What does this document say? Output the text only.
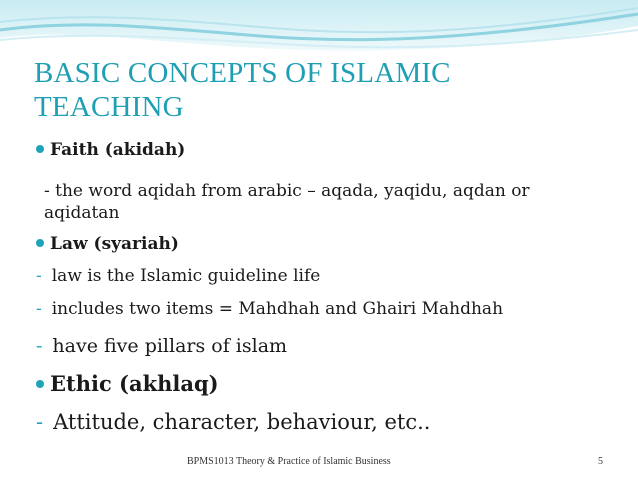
BASIC CONCEPTS OF ISLAMIC
TEACHING
Faith (akidah)
- the word aqidah from arabic – aqada, yaqidu, aqdan or
aqidatan
Law (syariah)
- law is the Islamic guideline life
- includes two items = Mahdhah and Ghairi Mahdhah
- have five pillars of islam
Ethic (akhlaq)
- Attitude, character, behaviour, etc..
BPMS1013 Theory & Practice of Islamic Business	5
